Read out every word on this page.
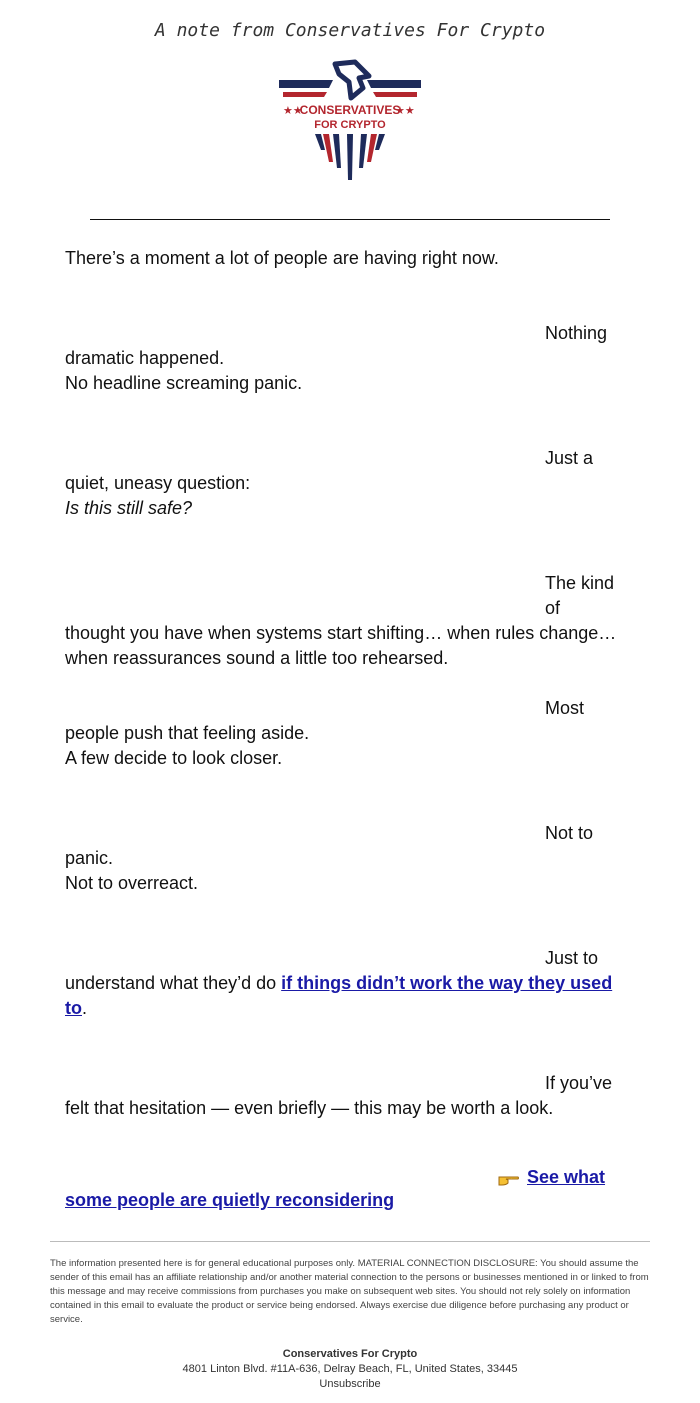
A note from Conservatives For Crypto
★★	★★
CONSERVATIVES
FOR CRYPTO
There’s a moment a lot of people are having right now.
Nothing
dramatic happened.
No headline screaming panic.
Just a
quiet, uneasy question:
Is this still safe?
The kind of
thought you have when systems start shifting… when rules change… when reassurances sound a little too rehearsed.
Most
people push that feeling aside.
A few decide to look closer.
Not to
panic.
Not to overreact.
Just to
understand what they’d do if things didn’t work the way they used to.
If you’ve
felt that hesitation — even briefly — this may be worth a look.
See what some people are quietly reconsidering
The information presented here is for general educational purposes only. MATERIAL CONNECTION DISCLOSURE: You should assume the sender of this email has an affiliate relationship and/or another material connection to the persons or businesses mentioned in or linked to from this message and may receive commissions from purchases you make on subsequent web sites. You should not rely solely on information contained in this email to evaluate the product or service being endorsed. Always exercise due diligence before purchasing any product or service.
Conservatives For Crypto
4801 Linton Blvd. #11A-636, Delray Beach, FL, United States, 33445
Unsubscribe
